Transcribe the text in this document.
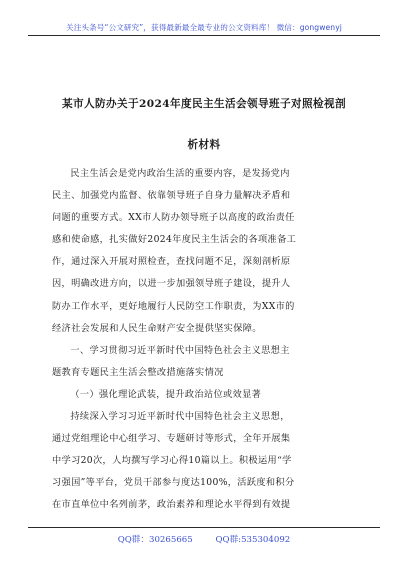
关注头条号“公文研究”，获得最新最全最专业的公文资料库！ 微信：gongwenyj
某市人防办关于2024年度民主生活会领导班子对照检视剖
析材料
民主生活会是党内政治生活的重要内容，是发扬党内
民主、加强党内监督、依靠领导班子自身力量解决矛盾和
问题的重要方式。XX市人防办领导班子以高度的政治责任
感和使命感，扎实做好2024年度民主生活会的各项准备工
作，通过深入开展对照检查，查找问题不足，深刻剖析原
因，明确改进方向，以进一步加强领导班子建设，提升人
防办工作水平，更好地履行人民防空工作职责，为XX市的
经济社会发展和人民生命财产安全提供坚实保障。
一、学习贯彻习近平新时代中国特色社会主义思想主
题教育专题民主生活会整改措施落实情况
（一）强化理论武装，提升政治站位或效显著
持续深入学习习近平新时代中国特色社会主义思想，
通过党组理论中心组学习、专题研讨等形式，全年开展集
中学习20次，人均撰写学习心得10篇以上。积极运用“学
习强国”等平台，党员干部参与度达100%，活跃度和积分
在市直单位中名列前茅，政治素养和理论水平得到有效提
QQ群：30265665	QQ群:535304092
